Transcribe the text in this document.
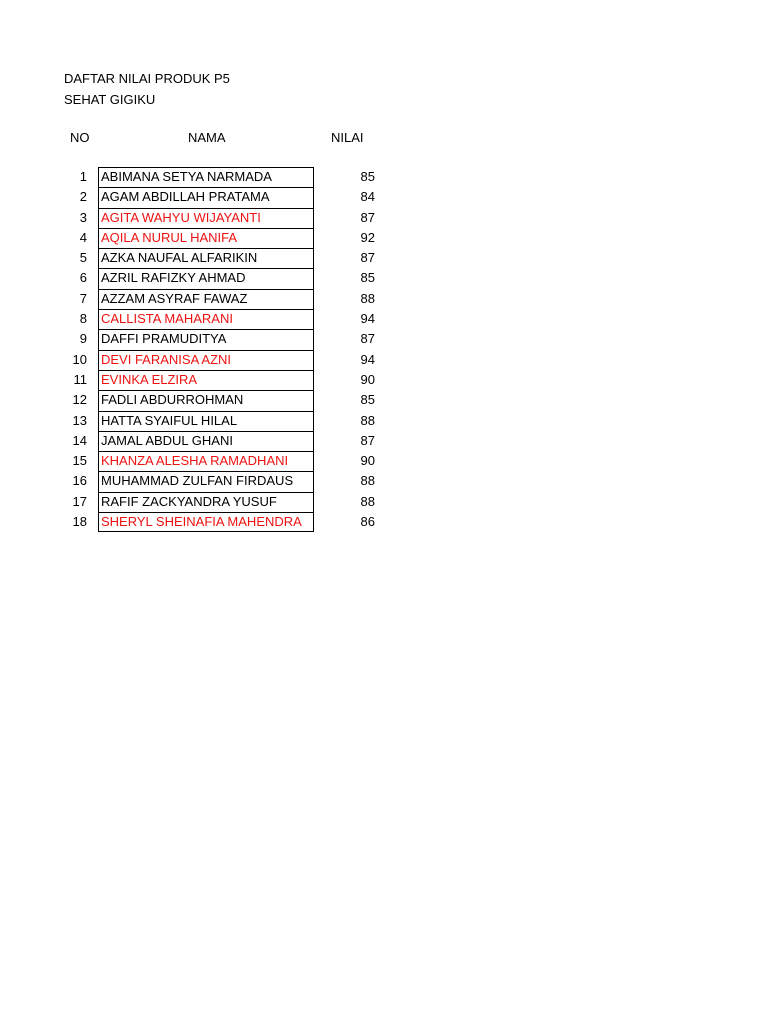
DAFTAR NILAI PRODUK P5
SEHAT GIGIKU
NO	NAMA	NILAI
1 ABIMANA SETYA NARMADA	85
2 AGAM ABDILLAH PRATAMA	84
3 AGITA WAHYU WIJAYANTI	87
4 AQILA NURUL HANIFA	92
5 AZKA NAUFAL ALFARIKIN	87
6 AZRIL RAFIZKY AHMAD	85
7 AZZAM ASYRAF FAWAZ	88
8 CALLISTA MAHARANI	94
9 DAFFI PRAMUDITYA	87
10 DEVI FARANISA AZNI	94
11 EVINKA ELZIRA	90
12 FADLI ABDURROHMAN	85
13 HATTA SYAIFUL HILAL	88
14 JAMAL ABDUL GHANI	87
15 KHANZA ALESHA RAMADHANI	90
16 MUHAMMAD ZULFAN FIRDAUS	88
17 RAFIF ZACKYANDRA YUSUF	88
18 SHERYL SHEINAFIA MAHENDRA	86
